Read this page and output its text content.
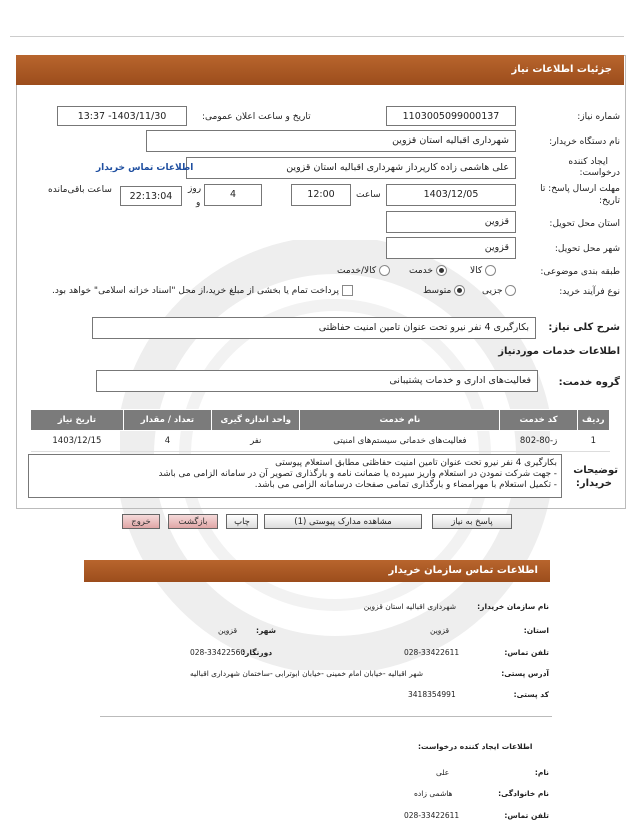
جزئیات اطلاعات نیاز
شماره نیاز:
1103005099000137
تاریخ و ساعت اعلان عمومی:
1403/11/30- 13:37
نام دستگاه خریدار:
شهرداری اقبالیه استان قزوین
ایجاد کننده
درخواست:
علی هاشمی زاده کارپرداز شهرداری اقبالیه استان قزوین
اطلاعات تماس خریدار
مهلت ارسال پاسخ: تا
تاریخ:
1403/12/05
ساعت
12:00
4
روز
و
22:13:04
ساعت باقی‌مانده
استان محل تحویل:
قزوین
شهر محل تحویل:
قزوین
طبقه بندی موضوعی:
کالا
خدمت
کالا/خدمت
نوع فرآیند خرید:
جزیی
متوسط
پرداخت تمام یا بخشی از مبلغ خرید،از محل "اسناد خزانه اسلامی" خواهد بود.
شرح کلی نیاز:
بکارگیری 4 نفر نیرو تحت عنوان تامین امنیت حفاظتی
اطلاعات خدمات موردنیاز
گروه خدمت:
فعالیت‌های اداری و خدمات پشتیبانی
ردیف	کد خدمت	نام خدمت	واحد اندازه گیری	تعداد / مقدار	تاریخ نیاز
1	ز-80-802	فعالیت‌های خدماتی سیستم‌های امنیتی	نفر	4	1403/12/15
توضیحات
خریدار:
بکارگیری 4 نفر نیرو تحت عنوان تامین امنیت حفاظتی مطابق استعلام پیوستی
- جهت شرکت نمودن در استعلام واریز سپرده یا ضمانت نامه و بارگذاری تصویر آن در سامانه الزامی می باشد
- تکمیل استعلام با مهرامضاء و بارگذاری تمامی صفحات درسامانه الزامی می باشد.
پاسخ به نیاز
مشاهده مدارک پیوستی (1)
چاپ
بازگشت
خروج
اطلاعات تماس سازمان خریدار
نام سازمان خریدار:
شهرداری اقبالیه استان قزوین
استان:
قزوین
شهر:
قزوین
تلفن تماس:
028-33422611
دورنگار:
028-33422560
آدرس پستی:
شهر اقبالیه -خیابان امام خمینی -خیابان ابوترابی -ساختمان شهرداری اقبالیه
کد پستی:
3418354991
اطلاعات ایجاد کننده درخواست:
نام:
علی
نام خانوادگی:
هاشمی زاده
تلفن تماس:
028-33422611
